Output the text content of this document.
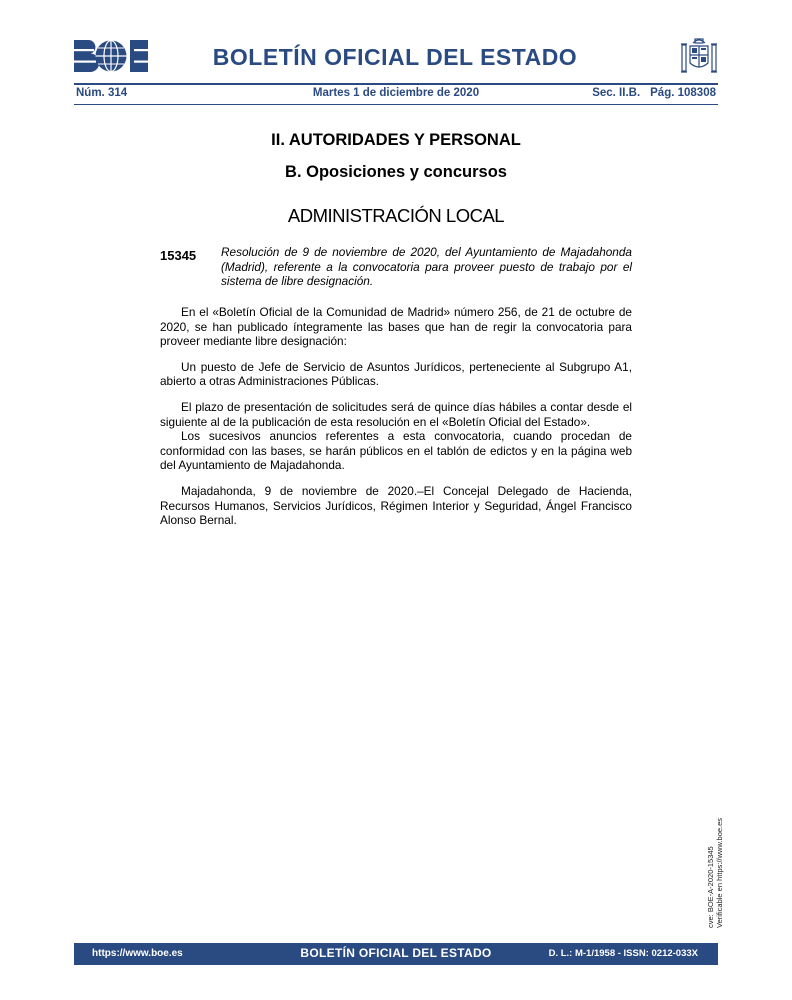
BOLETÍN OFICIAL DEL ESTADO
Núm. 314	Martes 1 de diciembre de 2020	Sec. II.B. Pág. 108308
II. AUTORIDADES Y PERSONAL
B. Oposiciones y concursos
ADMINISTRACIÓN LOCAL
15345 Resolución de 9 de noviembre de 2020, del Ayuntamiento de Majadahonda (Madrid), referente a la convocatoria para proveer puesto de trabajo por el sistema de libre designación.

En el «Boletín Oficial de la Comunidad de Madrid» número 256, de 21 de octubre de 2020, se han publicado íntegramente las bases que han de regir la convocatoria para proveer mediante libre designación:

Un puesto de Jefe de Servicio de Asuntos Jurídicos, perteneciente al Subgrupo A1, abierto a otras Administraciones Públicas.

El plazo de presentación de solicitudes será de quince días hábiles a contar desde el siguiente al de la publicación de esta resolución en el «Boletín Oficial del Estado».

Los sucesivos anuncios referentes a esta convocatoria, cuando procedan de conformidad con las bases, se harán públicos en el tablón de edictos y en la página web del Ayuntamiento de Majadahonda.

Majadahonda, 9 de noviembre de 2020.–El Concejal Delegado de Hacienda, Recursos Humanos, Servicios Jurídicos, Régimen Interior y Seguridad, Ángel Francisco Alonso Bernal.

cve: BOE-A-2020-15345 Verificable en https://www.boe.es
https://www.boe.es	BOLETÍN OFICIAL DEL ESTADO	D. L.: M-1/1958 - ISSN: 0212-033X
